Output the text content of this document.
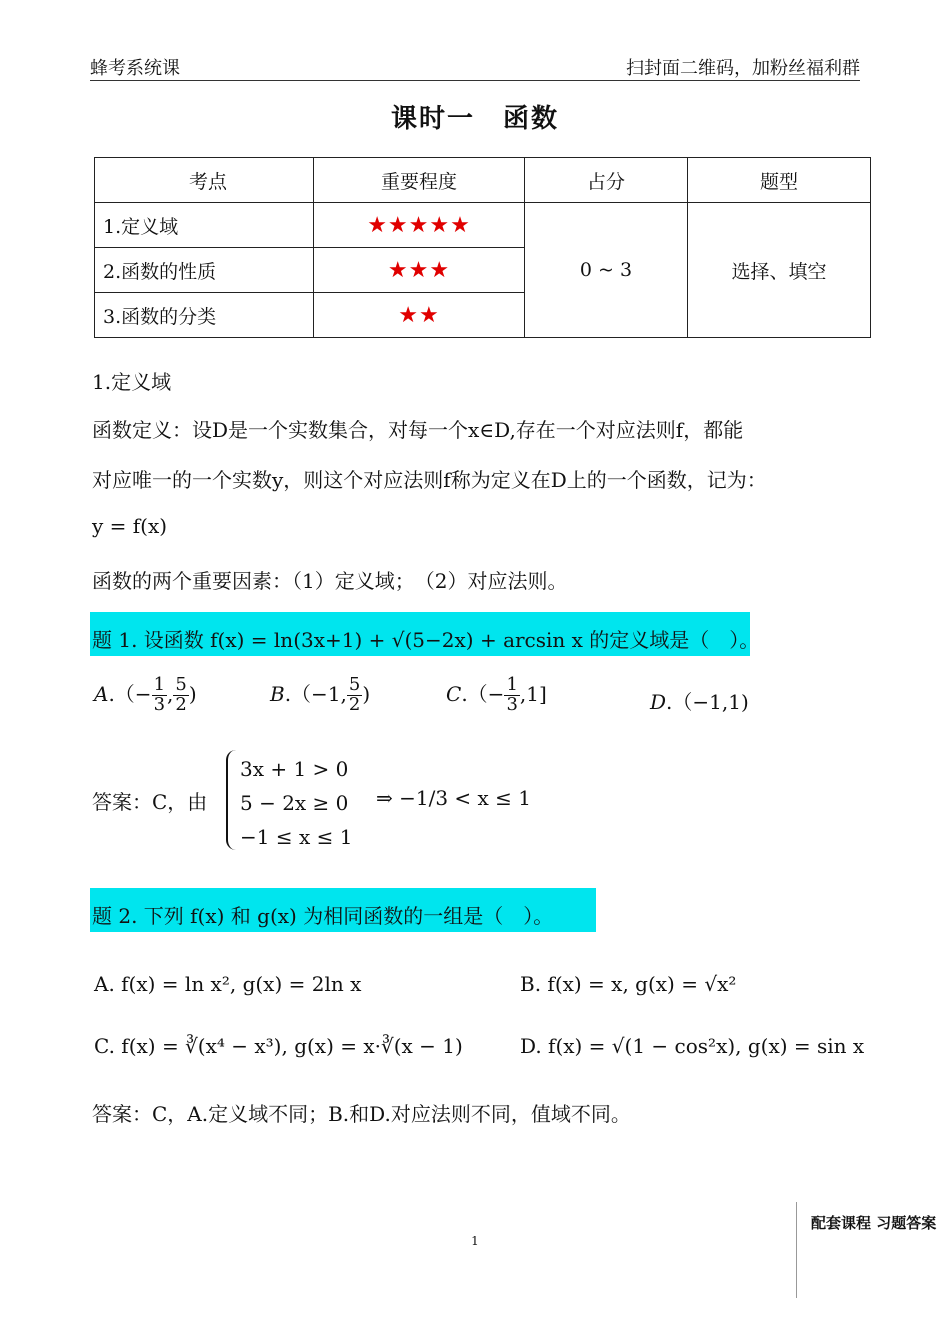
蜂考系统课	扫封面二维码，加粉丝福利群
课时一　函数
考点	重要程度	占分	题型
1.定义域	★★★★★	0 ~ 3	选择、填空
2.函数的性质	★★★		
3.函数的分类	★★		
1.定义域
函数定义：设D是一个实数集合，对每一个x∈D,存在一个对应法则f，都能
对应唯一的一个实数y，则这个对应法则f称为定义在D上的一个函数，记为：
y = f(x)
函数的两个重要因素：（1）定义域；　（2）对应法则。
题 1. 设函数 f(x) = ln(3x+1) + √(5−2x) + arcsin x 的定义域是（　）。
$A.(- \frac{1}{3}$ , $\frac{5}{2}$ )	B.（−1, $\frac{5}{2}$ )	$C.(- \frac{1}{3} ,1]$	D.（−1,1)
答案：C，由
3x + 1 > 0
5 − 2x ≥ 0
−1 ≤ x ≤ 1
⇒ −1/3 < x ≤ 1
题 2. 下列 f(x) 和 g(x) 为相同函数的一组是（　）。
A. f(x) = ln x², g(x) = 2ln x	B. f(x) = x, g(x) = √x²
C. f(x) = ∛(x⁴ − x³), g(x) = x·∛(x − 1)	D. f(x) = √(1 − cos²x), g(x) = sin x
答案：C，A.定义域不同；B.和D.对应法则不同，值域不同。
1
配套课程 习题答案
